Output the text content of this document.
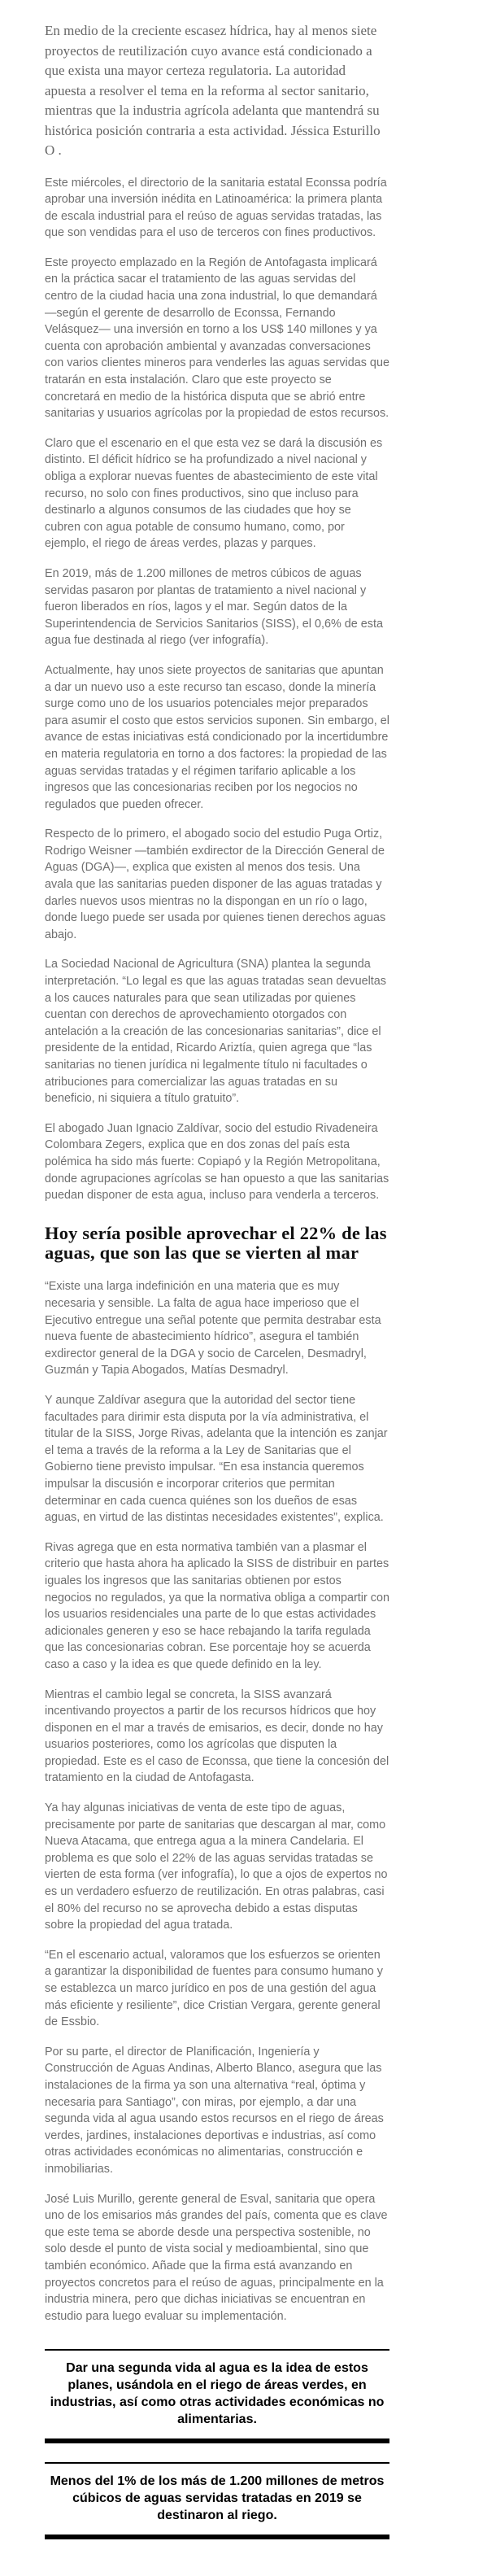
En medio de la creciente escasez hídrica, hay al menos siete proyectos de reutilización cuyo avance está condicionado a que exista una mayor certeza regulatoria. La autoridad apuesta a resolver el tema en la reforma al sector sanitario, mientras que la industria agrícola adelanta que mantendrá su histórica posición contraria a esta actividad. Jéssica Esturillo O .

Este miércoles, el directorio de la sanitaria estatal Econssa podría aprobar una inversión inédita en Latinoamérica: la primera planta de escala industrial para el reúso de aguas servidas tratadas, las que son vendidas para el uso de terceros con fines productivos.

Este proyecto emplazado en la Región de Antofagasta implicará en la práctica sacar el tratamiento de las aguas servidas del centro de la ciudad hacia una zona industrial, lo que demandará —según el gerente de desarrollo de Econssa, Fernando Velásquez— una inversión en torno a los US$ 140 millones y ya cuenta con aprobación ambiental y avanzadas conversaciones con varios clientes mineros para venderles las aguas servidas que tratarán en esta instalación. Claro que este proyecto se concretará en medio de la histórica disputa que se abrió entre sanitarias y usuarios agrícolas por la propiedad de estos recursos.

Claro que el escenario en el que esta vez se dará la discusión es distinto. El déficit hídrico se ha profundizado a nivel nacional y obliga a explorar nuevas fuentes de abastecimiento de este vital recurso, no solo con fines productivos, sino que incluso para destinarlo a algunos consumos de las ciudades que hoy se cubren con agua potable de consumo humano, como, por ejemplo, el riego de áreas verdes, plazas y parques.

En 2019, más de 1.200 millones de metros cúbicos de aguas servidas pasaron por plantas de tratamiento a nivel nacional y fueron liberados en ríos, lagos y el mar. Según datos de la Superintendencia de Servicios Sanitarios (SISS), el 0,6% de esta agua fue destinada al riego (ver infografía).

Actualmente, hay unos siete proyectos de sanitarias que apuntan a dar un nuevo uso a este recurso tan escaso, donde la minería surge como uno de los usuarios potenciales mejor preparados para asumir el costo que estos servicios suponen. Sin embargo, el avance de estas iniciativas está condicionado por la incertidumbre en materia regulatoria en torno a dos factores: la propiedad de las aguas servidas tratadas y el régimen tarifario aplicable a los ingresos que las concesionarias reciben por los negocios no regulados que pueden ofrecer.

Respecto de lo primero, el abogado socio del estudio Puga Ortiz, Rodrigo Weisner —también exdirector de la Dirección General de Aguas (DGA)—, explica que existen al menos dos tesis. Una avala que las sanitarias pueden disponer de las aguas tratadas y darles nuevos usos mientras no la dispongan en un río o lago, donde luego puede ser usada por quienes tienen derechos aguas abajo.

La Sociedad Nacional de Agricultura (SNA) plantea la segunda interpretación. “Lo legal es que las aguas tratadas sean devueltas a los cauces naturales para que sean utilizadas por quienes cuentan con derechos de aprovechamiento otorgados con antelación a la creación de las concesionarias sanitarias”, dice el presidente de la entidad, Ricardo Ariztía, quien agrega que “las sanitarias no tienen jurídica ni legalmente título ni facultades o atribuciones para comercializar las aguas tratadas en su beneficio, ni siquiera a título gratuito”.

El abogado Juan Ignacio Zaldívar, socio del estudio Rivadeneira Colombara Zegers, explica que en dos zonas del país esta polémica ha sido más fuerte: Copiapó y la Región Metropolitana, donde agrupaciones agrícolas se han opuesto a que las sanitarias puedan disponer de esta agua, incluso para venderla a terceros.

Hoy sería posible aprovechar el 22% de las aguas, que son las que se vierten al mar

“Existe una larga indefinición en una materia que es muy necesaria y sensible. La falta de agua hace imperioso que el Ejecutivo entregue una señal potente que permita destrabar esta nueva fuente de abastecimiento hídrico”, asegura el también exdirector general de la DGA y socio de Carcelen, Desmadryl, Guzmán y Tapia Abogados, Matías Desmadryl.

Y aunque Zaldívar asegura que la autoridad del sector tiene facultades para dirimir esta disputa por la vía administrativa, el titular de la SISS, Jorge Rivas, adelanta que la intención es zanjar el tema a través de la reforma a la Ley de Sanitarias que el Gobierno tiene previsto impulsar. “En esa instancia queremos impulsar la discusión e incorporar criterios que permitan determinar en cada cuenca quiénes son los dueños de esas aguas, en virtud de las distintas necesidades existentes”, explica.

Rivas agrega que en esta normativa también van a plasmar el criterio que hasta ahora ha aplicado la SISS de distribuir en partes iguales los ingresos que las sanitarias obtienen por estos negocios no regulados, ya que la normativa obliga a compartir con los usuarios residenciales una parte de lo que estas actividades adicionales generen y eso se hace rebajando la tarifa regulada que las concesionarias cobran. Ese porcentaje hoy se acuerda caso a caso y la idea es que quede definido en la ley.

Mientras el cambio legal se concreta, la SISS avanzará incentivando proyectos a partir de los recursos hídricos que hoy disponen en el mar a través de emisarios, es decir, donde no hay usuarios posteriores, como los agrícolas que disputen la propiedad. Este es el caso de Econssa, que tiene la concesión del tratamiento en la ciudad de Antofagasta.

Ya hay algunas iniciativas de venta de este tipo de aguas, precisamente por parte de sanitarias que descargan al mar, como Nueva Atacama, que entrega agua a la minera Candelaria. El problema es que solo el 22% de las aguas servidas tratadas se vierten de esta forma (ver infografía), lo que a ojos de expertos no es un verdadero esfuerzo de reutilización. En otras palabras, casi el 80% del recurso no se aprovecha debido a estas disputas sobre la propiedad del agua tratada.

“En el escenario actual, valoramos que los esfuerzos se orienten a garantizar la disponibilidad de fuentes para consumo humano y se establezca un marco jurídico en pos de una gestión del agua más eficiente y resiliente”, dice Cristian Vergara, gerente general de Essbio.

Por su parte, el director de Planificación, Ingeniería y Construcción de Aguas Andinas, Alberto Blanco, asegura que las instalaciones de la firma ya son una alternativa “real, óptima y necesaria para Santiago”, con miras, por ejemplo, a dar una segunda vida al agua usando estos recursos en el riego de áreas verdes, jardines, instalaciones deportivas e industrias, así como otras actividades económicas no alimentarias, construcción e inmobiliarias.

José Luis Murillo, gerente general de Esval, sanitaria que opera uno de los emisarios más grandes del país, comenta que es clave que este tema se aborde desde una perspectiva sostenible, no solo desde el punto de vista social y medioambiental, sino que también económico. Añade que la firma está avanzando en proyectos concretos para el reúso de aguas, principalmente en la industria minera, pero que dichas iniciativas se encuentran en estudio para luego evaluar su implementación.

Dar una segunda vida al agua es la idea de estos planes, usándola en el riego de áreas verdes, en industrias, así como otras actividades económicas no alimentarias.
Menos del 1% de los más de 1.200 millones de metros cúbicos de aguas servidas tratadas en 2019 se destinaron al riego.
